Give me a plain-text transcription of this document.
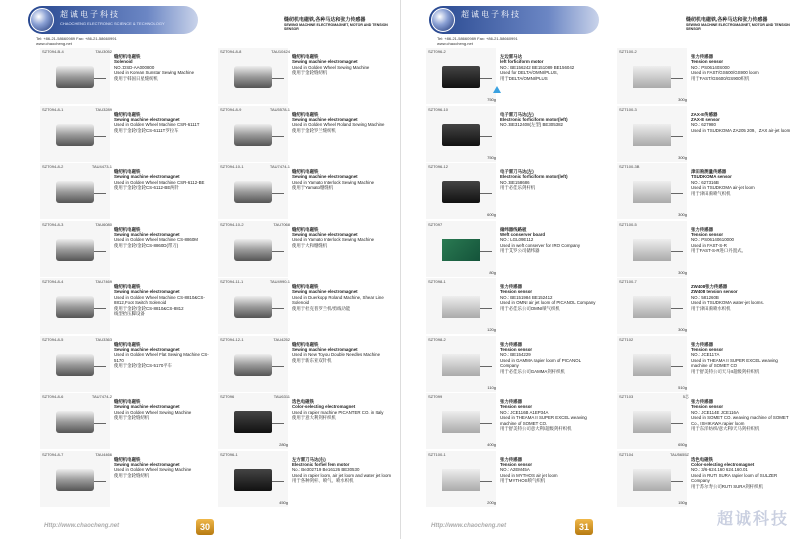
超诚电子科技
CHAOCHENG ELECTRONIC SCIENCE & TECHNOLOGY
缝纫机电磁铁,各种马达和张力传感器
SEWING MACHINE ELECTROMAGNET, MOTOR AND TENSION SENSOR
Tel: +86-21-58660989 Fax: +86-21-58660991
www.chaocheng.net
SZT094-B-4	TAU3052
缝纫机电磁铁
Solenoid
NO.:DSD-AA000800
Used in Korean Sunstar Sewing Machine
使用于韩国日星缝纫机
SZT094-8-1	TAU3289
缝纫机电磁铁
Sewing machine electromagnet
Used in Golden Wheel Machine CSR-6111T
使用于金轮/金轮CS-6111T罗拉车
SZT094-8-2	TAU4473-1
缝纫机电磁铁
Sewing machine electromagnet
Used in Golden Wheel Machine CSR-6112-BE
使用于金轮/金轮CS-6112-BE两针
SZT094-8-3	TAU6080
缝纫机电磁铁
Sewing machine electromagnet
Used in Golden Wheel Machine CS-8860M
使用于金轮/金轮CS-8860D(带刀)
SZT094-8-4	TAU7469
缝纫机电磁铁
Sewing machine electromagnet
Used in Golden Wheel Machine CS-8810&CS-8812,Foot Switch Solenoid
使用于金轮/金轮CS-8810&CS-8812
线型抬压脚设备
SZT094-8-5	TAU3363
缝纫机电磁铁
Sewing machine electromagnet
Used in Golden Wheel Flat Sewing Machine CS-5170
使用于金轮/金轮CS-5170平车
SZT094-8-6	TAU7474-2
缝纫机电磁铁
Sewing machine electromagnet
Used in Golden Wheel Sewing Machine
使用于金轮缝纫机
SZT094-8-7	TAU4466
缝纫机电磁铁
Sewing machine electromagnet
Used in Golden Wheel Sewing Machine
使用于金轮缝纫机
SZT094-8-8	TAU10424
缝纫机电磁铁
Sewing machine electromagnet
Used in Golden Wheel Sewing Machine
使用于金轮缝纫机
SZT094-8-9	TAU5578-1
缝纫机电磁铁
Sewing machine electromagnet
Used in Golden Wheel Roland Sewing Machine
使用于金轮罗兰缝纫机
SZT094-10-1	TAU7474-1
缝纫机电磁铁
Sewing machine electromagnet
Used in Yamato Interlock Sewing Machine
使用于Yamato绷缝机
SZT094-10-2	TAU7068
缝纫机电磁铁
Sewing machine electromagnet
Used in Yamato Interlock Sewing Machine
使用于大和绷缝机
SZT094-11-1	TAU4990-1
缝纫机电磁铁
Sewing machine electromagnet
Used in Duerkopp Roland Machine, Shear Line Solenoid
使用于杜克普罗兰机/剪线功能
SZT094-12-1	TAU4252
缝纫机电磁铁
Sewing machine electromagnet
Used in New Toyou Double Needles Machine
使用于新东亚双针机
SZT096	TAU6311
选色电磁铁
Color-selecting electromagnet
Used in rapier machine PICANTER CO. in Italy
使用于意大利剑杆织机
280g
SZT096-1
左方雷刀马达(右)
Electronic forfiel fem motor
No.: Be302719 Be16126 BE30530
Used in rapier loom, air jet loom and water jet loom
用于各种剑杆、喷气、喷水织机
450g
Http://www.chaocheng.net	30
超诚电子科技
缝纫机电磁铁,各种马达和张力传感器
SEWING MACHINE ELECTROMAGNET, MOTOR AND TENSION SENSOR
Tel: +86-21-58660989 Fax: +86-21-58660991
www.chaocheng.net
SZT096-2
左边雷马达
left forficiform motor
NO.: BE156242 BE151089 BE156042
Used for DELTA/OMNI/PLUS,
用于DELTA/OMNI/PLUS
750g
SZT096-10
电子雷刀马达(左)
Electronic forficiform motor(left)
NO.:BE312408(左型) BE305382
750g
SZT096-12
电子雷刀马达(左)
Electronic forficiform motor(left)
NO.:BE158686
用于必佳乐剑杆机
600g
SZT097
储纬器线路板
Weft conserver board
NO.: LGL09E112
Used in weft conserver for IRO Company
用于艾罗公司储纬器
80g
SZT098-1
张力传感器
Tension sensor
NO.: BE151984 BE152412
Used in OMNI air jet loom of PICANOL Company
用于必佳乐公司OMNI喷气织机
120g
SZT098-2
张力传感器
Tension sensor
NO.: BE154229
Used in GAMMA rapier loom of PICANOL Company
用于必佳乐公司GAMMA剑杆织机
110g
SZT099
张力传感器
Tension sensor
NO.: JCE116B A1EP34A
Used in THEAMA II SUPER EXCEL weaving machine of SOMET CO.
用于舒美特公司意大利/超级剑杆织机
400g
SZT100-1
张力传感器
Tension sensor
NO.: A2EM45A
Used in MYTHOS air jet loom
用于MYTHOS喷气织机
200g
SZT100-2
张力传感器
Tension sensor
NO.: PS06140S000
Used in FAST/GS600/GS900 loom
用于FAST/GS600/GS900织机
300g
SZT100-3
ZAX-E传感器
ZAX-E sensor
NO.: 627980
Used in TSUDKOMA ZA205 209、ZAX air-jet loom
300g
SZT100-3B
津田驹测量传感器
TSUDKOMA sensor
NO.: 627316B
Used in TSUDKOMA air-jet loom
用于津田驹喷气织机
300g
SZT100-5
张力传感器
Tension sensor
NO.: PS06140610000
Used in FAST-S-R
用于FAST-S-R进口丹置式。
300g
SZT100-7
ZW408张力传感器
ZW408 tension sensor
NO.: 581260B
Used in TSUDKOMA water-jet looms.
用于津田驹喷水织机
300g
SZT102
张力传感器
Tension sensor
NO.: JCE117A
Used in THEAMA II SUPER EXCEL weaving machine of SOMET CO
用于舒美特公司天马II超级剑杆织机
510g
SZT103	5芯
张力传感器
Tension sensor
NO.: JCE114E JCE116A
Used in SOMET CO. weaving machine of SOMET Co., ISHIKAWA rapier loom
用于东洋纺织/意大利/天马剑杆织机
650g
SZT104	TAU5655Z
选色电磁铁
Color-selecting electromagnet
NO.: 3/6-624.160 624.160.01
Used in RUTI SURA rapier loom of SULZER Company
用于苏尔寿公司RUTI SURA剑杆织机
150g
31
Http://www.chaocheng.net	超诚科技
